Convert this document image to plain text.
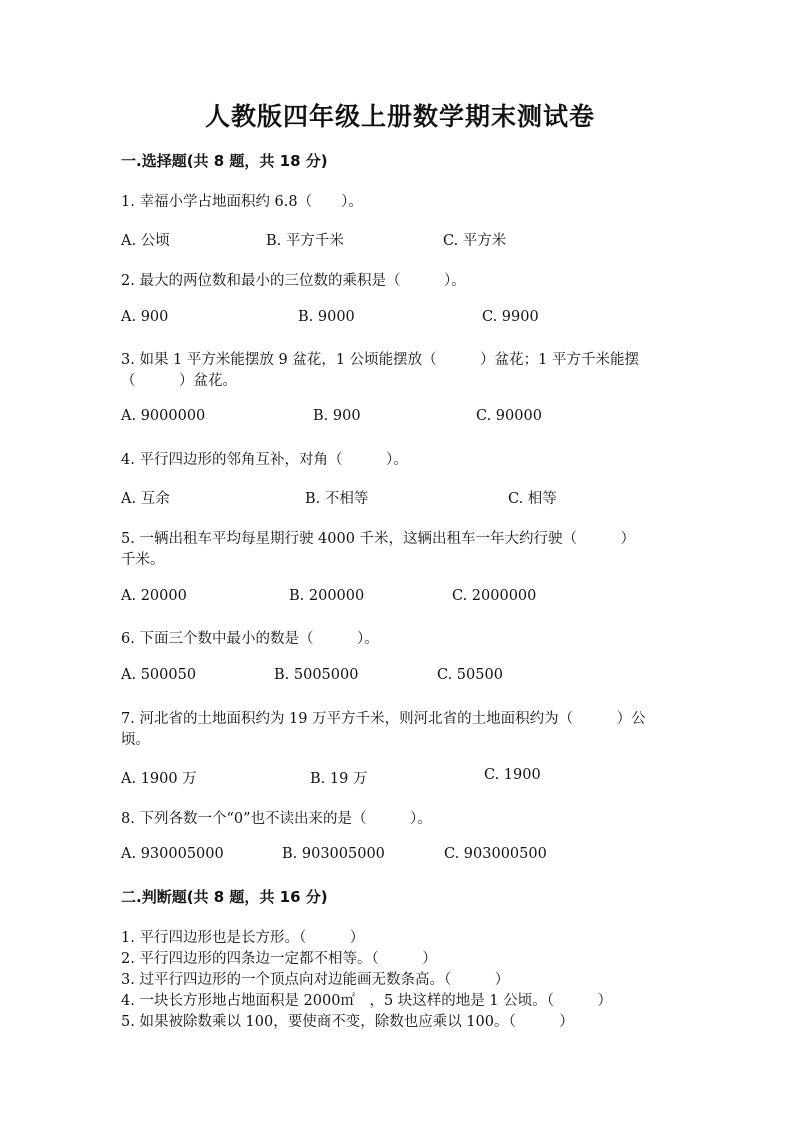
人教版四年级上册数学期末测试卷
一.选择题(共 8 题，共 18 分)
1. 幸福小学占地面积约 6.8（　　）。
A. 公顷	B. 平方千米	C. 平方米
2. 最大的两位数和最小的三位数的乘积是（　　　）。
A. 900	B. 9000	C. 9900
3. 如果 1 平方米能摆放 9 盆花，1 公顷能摆放（　　　）盆花；1 平方千米能摆
（　　　）盆花。
A. 9000000	B. 900	C. 90000
4. 平行四边形的邻角互补，对角（　　　）。
A. 互余	B. 不相等	C. 相等
5. 一辆出租车平均每星期行驶 4000 千米，这辆出租车一年大约行驶（　　　）
千米。
A. 20000	B. 200000	C. 2000000
6. 下面三个数中最小的数是（　　　）。
A. 500050	B. 5005000	C. 50500
7. 河北省的土地面积约为 19 万平方千米，则河北省的土地面积约为（　　　）公
顷。
A. 1900 万	B. 19 万	C. 1900
8. 下列各数一个“0”也不读出来的是（　　　）。
A. 930005000	B. 903005000	C. 903000500
二.判断题(共 8 题，共 16 分)
1. 平行四边形也是长方形。（　　　）
2. 平行四边形的四条边一定都不相等。（　　　）
3. 过平行四边形的一个顶点向对边能画无数条高。（　　　）
4. 一块长方形地占地面积是 2000㎡　，5 块这样的地是 1 公顷。（　　　）
5. 如果被除数乘以 100，要使商不变，除数也应乘以 100。（　　　）
